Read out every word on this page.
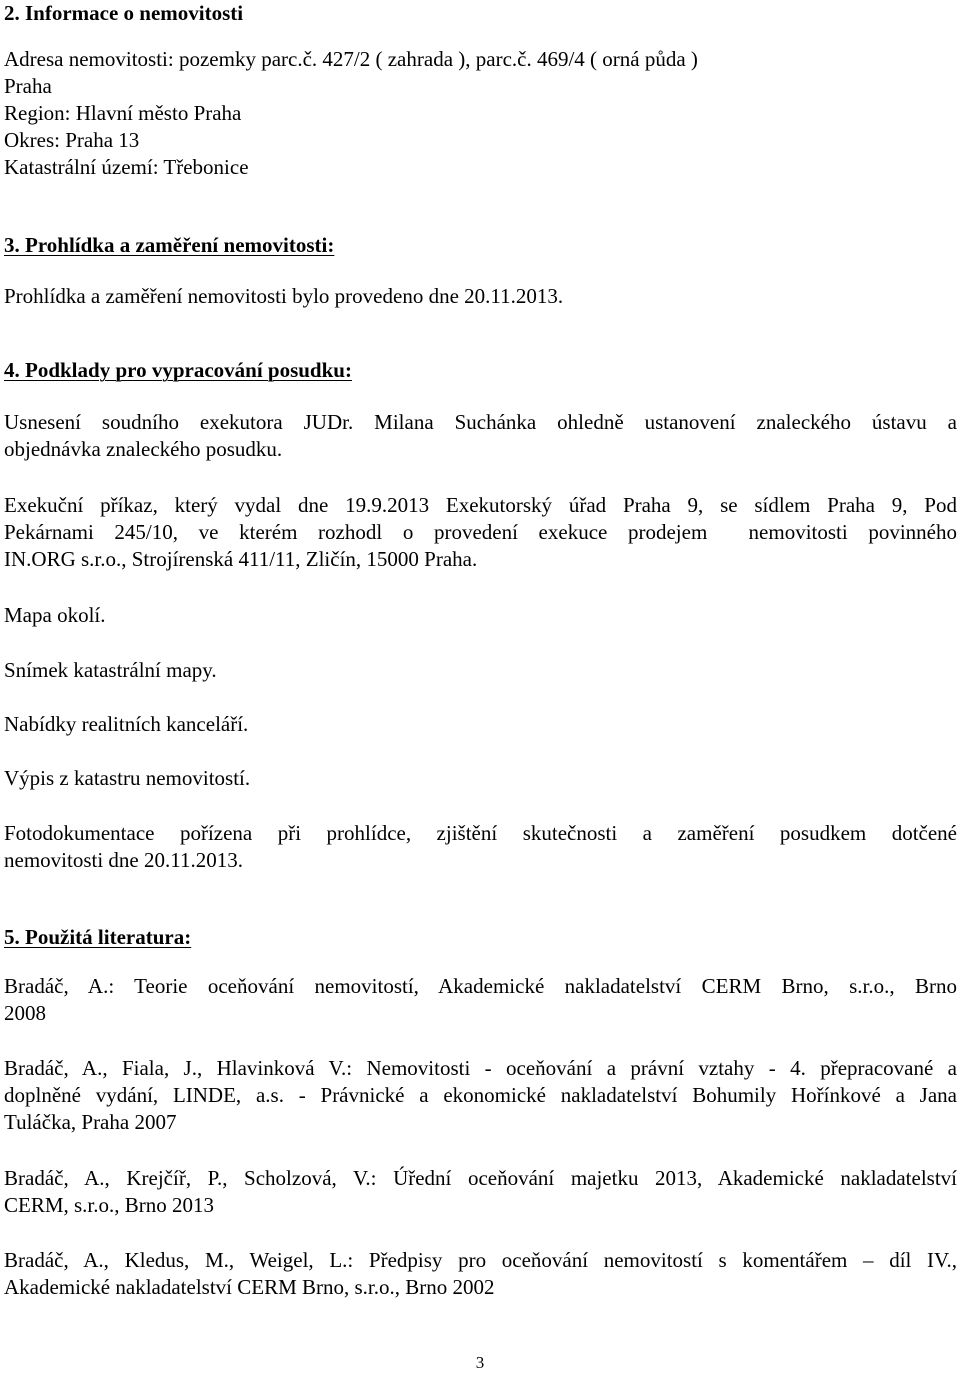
2. Informace o nemovitosti

Adresa nemovitosti: pozemky parc.č. 427/2 ( zahrada ), parc.č. 469/4 ( orná půda )

Praha

Region: Hlavní město Praha

Okres: Praha 13

Katastrální území: Třebonice

3. Prohlídka a zaměření nemovitosti:

Prohlídka a zaměření nemovitosti bylo provedeno dne 20.11.2013.

4. Podklady pro vypracování posudku:

Usnesení soudního exekutora JUDr. Milana Suchánka ohledně ustanovení znaleckého ústavu a

objednávka znaleckého posudku.

Exekuční příkaz, který vydal dne 19.9.2013 Exekutorský úřad Praha 9, se sídlem Praha 9, Pod

Pekárnami 245/10, ve kterém rozhodl o provedení exekuce prodejem  nemovitosti povinného

IN.ORG s.r.o., Strojírenská 411/11, Zličín, 15000 Praha.

Mapa okolí.

Snímek katastrální mapy.

Nabídky realitních kanceláří.

Výpis z katastru nemovitostí.

Fotodokumentace pořízena při prohlídce, zjištění skutečnosti a zaměření posudkem dotčené

nemovitosti dne 20.11.2013.

5. Použitá literatura:

Bradáč, A.: Teorie oceňování nemovitostí, Akademické nakladatelství CERM Brno, s.r.o., Brno

2008

Bradáč, A., Fiala, J., Hlavinková V.: Nemovitosti - oceňování a právní vztahy - 4. přepracované a

doplněné vydání, LINDE, a.s. - Právnické a ekonomické nakladatelství Bohumily Hořínkové a Jana

Tuláčka, Praha 2007

Bradáč, A., Krejčíř, P., Scholzová, V.: Úřední oceňování majetku 2013, Akademické nakladatelství

CERM, s.r.o., Brno 2013

Bradáč, A., Kledus, M., Weigel, L.: Předpisy pro oceňování nemovitostí s komentářem – díl IV.,

Akademické nakladatelství CERM Brno, s.r.o., Brno 2002

3
